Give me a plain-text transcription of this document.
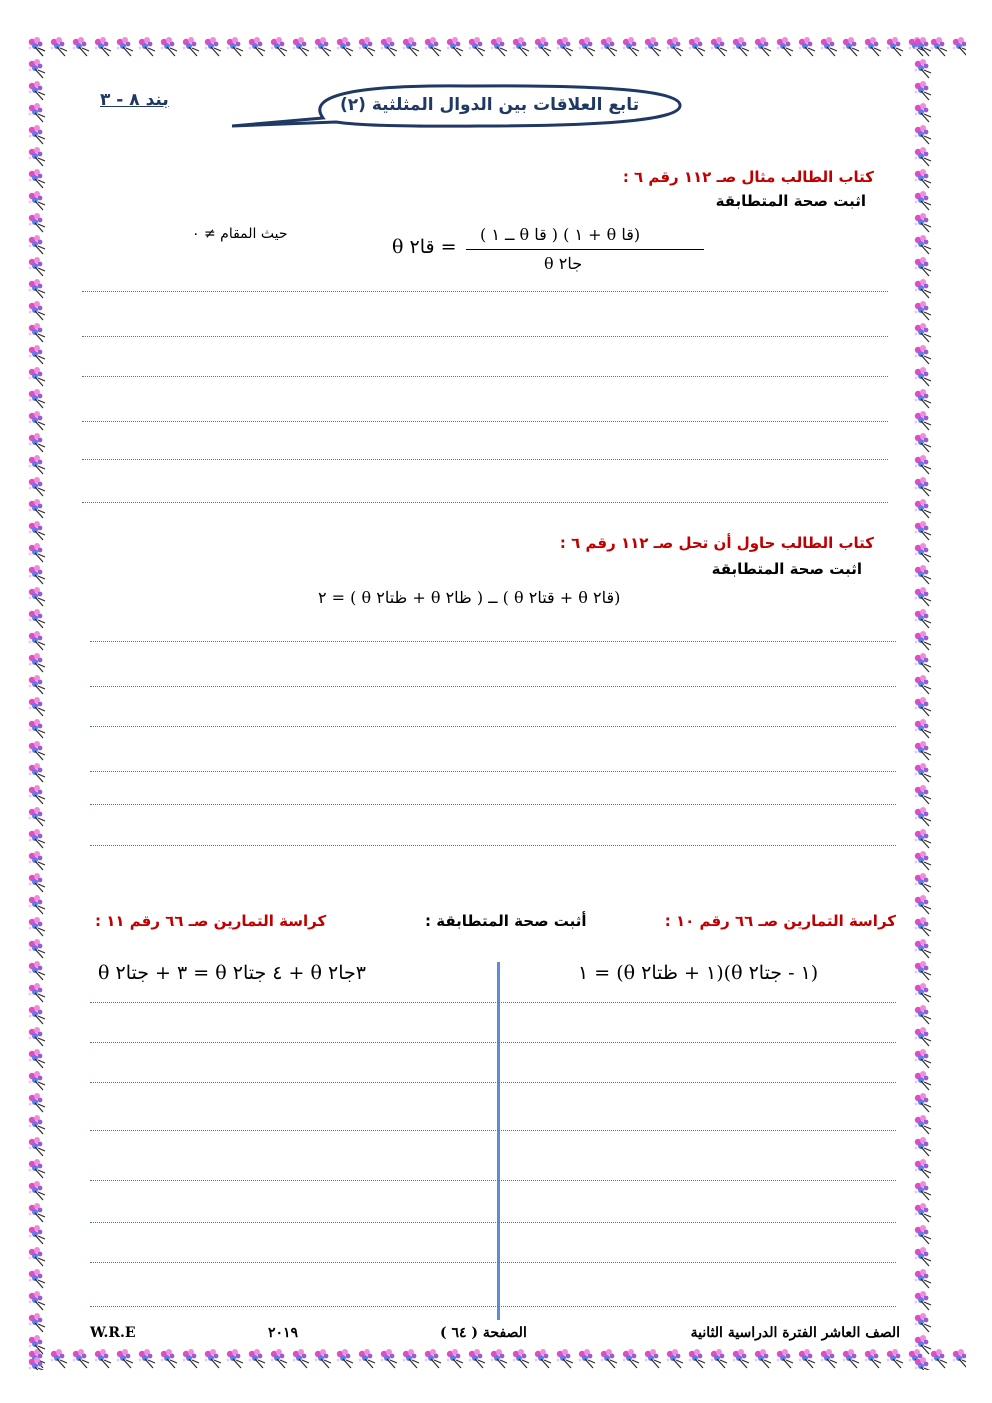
بند ٨ - ٣	تابع العلاقات بين الدوال المثلثية (٢)
كتاب الطالب مثال صـ ١١٢ رقم ٦ :
اثبت صحة المتطابقة
(قا θ + ١ ) ( قا θ ــ ١ )
جا٢ θ
= قا٢ θ
حيث المقام ≠ ٠
كتاب الطالب حاول أن تحل صـ ١١٢ رقم ٦ :
اثبت صحة المتطابقة
(قا٢ θ + قتا٢ θ ) ــ ( ظا٢ θ + ظتا٢ θ ) = ٢
كراسة التمارين صـ ٦٦ رقم ١٠ :
أثبت صحة المتطابقة :
كراسة التمارين صـ ٦٦ رقم ١١ :
(١ - جتا٢ θ)(١ + ظتا٢ θ) = ١
٣جا٢ θ + ٤ جتا٢ θ = ٣ + جتا٢ θ
الصف العاشر الفترة الدراسية الثانية
الصفحة ( ٦٤ )
٢٠١٩
W.R.E
